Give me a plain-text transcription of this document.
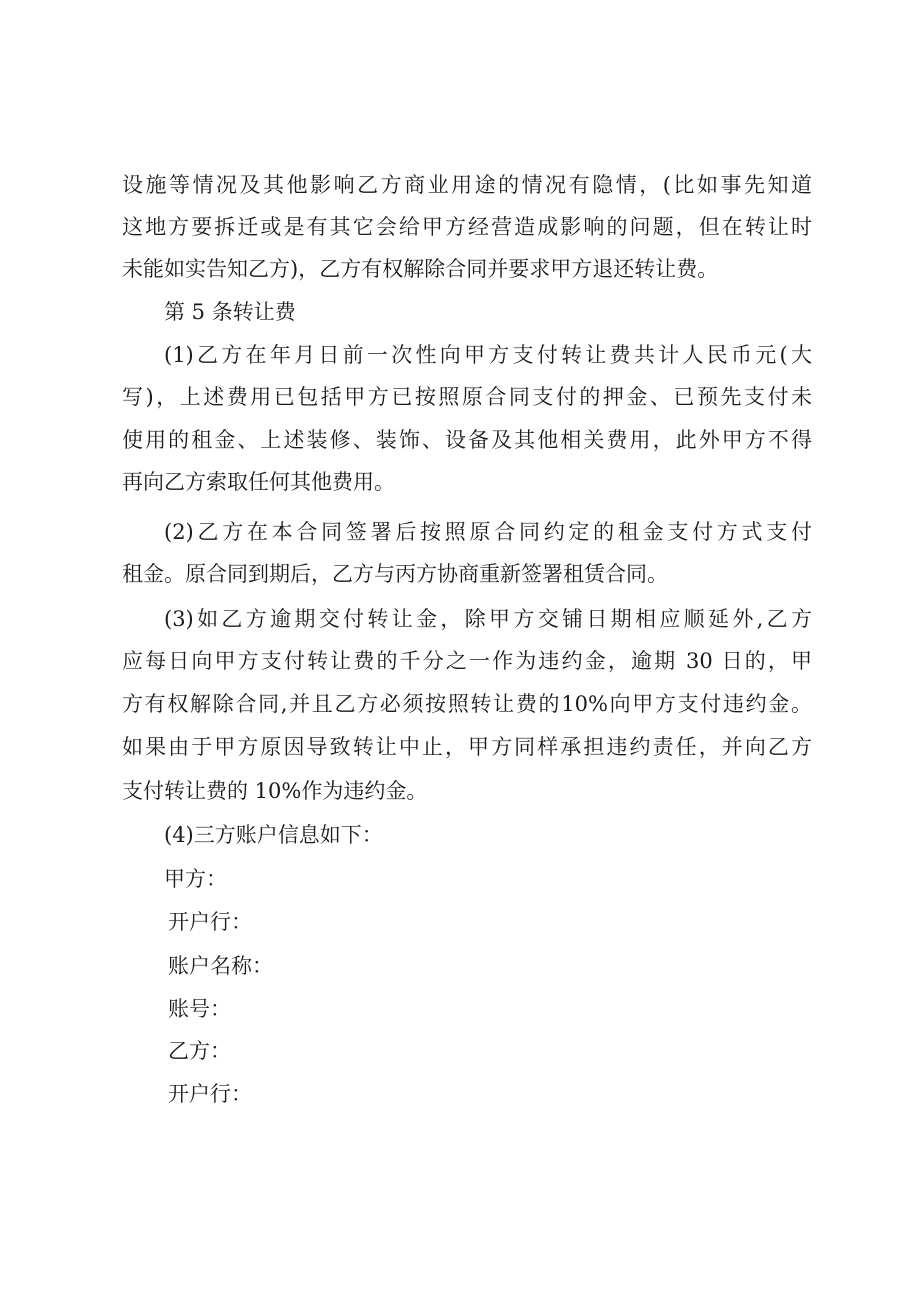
设施等情况及其他影响乙方商业用途的情况有隐情，(比如事先知道
这地方要拆迁或是有其它会给甲方经营造成影响的问题，但在转让时
未能如实告知乙方)，乙方有权解除合同并要求甲方退还转让费。
第 5 条转让费
(1)乙方在年月日前一次性向甲方支付转让费共计人民币元(大
写)，上述费用已包括甲方已按照原合同支付的押金、已预先支付未
使用的租金、上述装修、装饰、设备及其他相关费用，此外甲方不得
再向乙方索取任何其他费用。
(2)乙方在本合同签署后按照原合同约定的租金支付方式支付
租金。原合同到期后，乙方与丙方协商重新签署租赁合同。
(3)如乙方逾期交付转让金，除甲方交铺日期相应顺延外,乙方
应每日向甲方支付转让费的千分之一作为违约金，逾期 30 日的，甲
方有权解除合同,并且乙方必须按照转让费的10%向甲方支付违约金。
如果由于甲方原因导致转让中止，甲方同样承担违约责任，并向乙方
支付转让费的 10%作为违约金。
(4)三方账户信息如下：
甲方：
开户行：
账户名称：
账号：
乙方：
开户行：
